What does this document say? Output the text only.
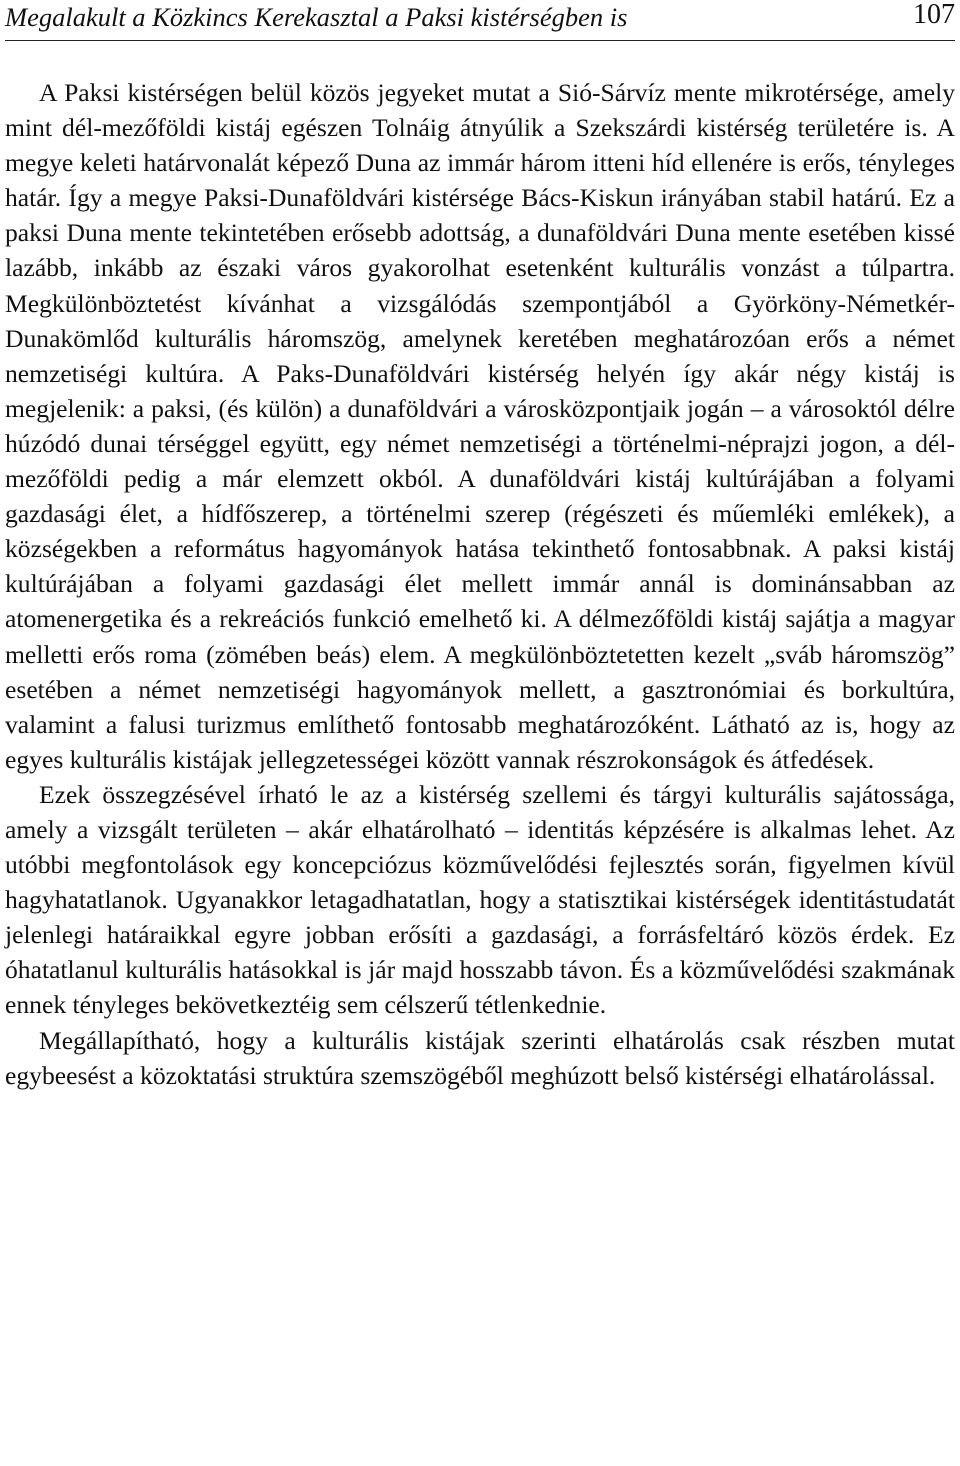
Megalakult a Közkincs Kerekasztal a Paksi kistérségben is	107

A Paksi kistérségen belül közös jegyeket mutat a Sió-Sárvíz mente mikrotérsége, amely mint dél-mezőföldi kistáj egészen Tolnáig átnyúlik a Szekszárdi kistérség területére is. A megye keleti határvonalát képező Duna az immár három itteni híd ellenére is erős, tényleges határ. Így a megye Paksi-Dunaföldvári kistérsége Bács-Kiskun irányában stabil határú. Ez a paksi Duna mente tekintetében erősebb adottság, a dunaföldvári Duna mente esetében kissé lazább, inkább az északi város gyakorolhat esetenként kulturális vonzást a túlpartra. Megkülönböztetést kívánhat a vizsgálódás szempontjából a Györköny-Németkér-Dunakömlőd kulturális háromszög, amelynek keretében meghatározóan erős a német nemzetiségi kultúra. A Paks-Dunaföldvári kistérség helyén így akár négy kistáj is megjelenik: a paksi, (és külön) a dunaföldvári a városközpontjaik jogán – a városoktól délre húzódó dunai térséggel együtt, egy német nemzetiségi a történelmi-néprajzi jogon, a dél-mezőföldi pedig a már elemzett okból. A dunaföldvári kistáj kultúrájában a folyami gazdasági élet, a hídfőszerep, a történelmi szerep (régészeti és műemléki emlékek), a községekben a református hagyományok hatása tekinthető fontosabbnak. A paksi kistáj kultúrájában a folyami gazdasági élet mellett immár annál is dominánsabban az atomenergetika és a rekreációs funkció emelhető ki. A délmezőföldi kistáj sajátja a magyar melletti erős roma (zömében beás) elem. A megkülönböztetetten kezelt „sváb háromszög” esetében a német nemzetiségi hagyományok mellett, a gasztronómiai és borkultúra, valamint a falusi turizmus említhető fontosabb meghatározóként. Látható az is, hogy az egyes kulturális kistájak jellegzetességei között vannak részrokonságok és átfedések.

Ezek összegzésével írható le az a kistérség szellemi és tárgyi kulturális sajátossága, amely a vizsgált területen – akár elhatárolható – identitás képzésére is alkalmas lehet. Az utóbbi megfontolások egy koncepciózus közművelődési fejlesztés során, figyelmen kívül hagyhatatlanok. Ugyanakkor letagadhatatlan, hogy a statisztikai kistérségek identitástudatát jelenlegi határaikkal egyre jobban erősíti a gazdasági, a forrásfeltáró közös érdek. Ez óhatatlanul kulturális hatásokkal is jár majd hosszabb távon. És a közművelődési szakmának ennek tényleges bekövetkeztéig sem célszerű tétlenkednie.

Megállapítható, hogy a kulturális kistájak szerinti elhatárolás csak részben mutat egybeesést a közoktatási struktúra szemszögéből meghúzott belső kistérségi elhatárolással.
